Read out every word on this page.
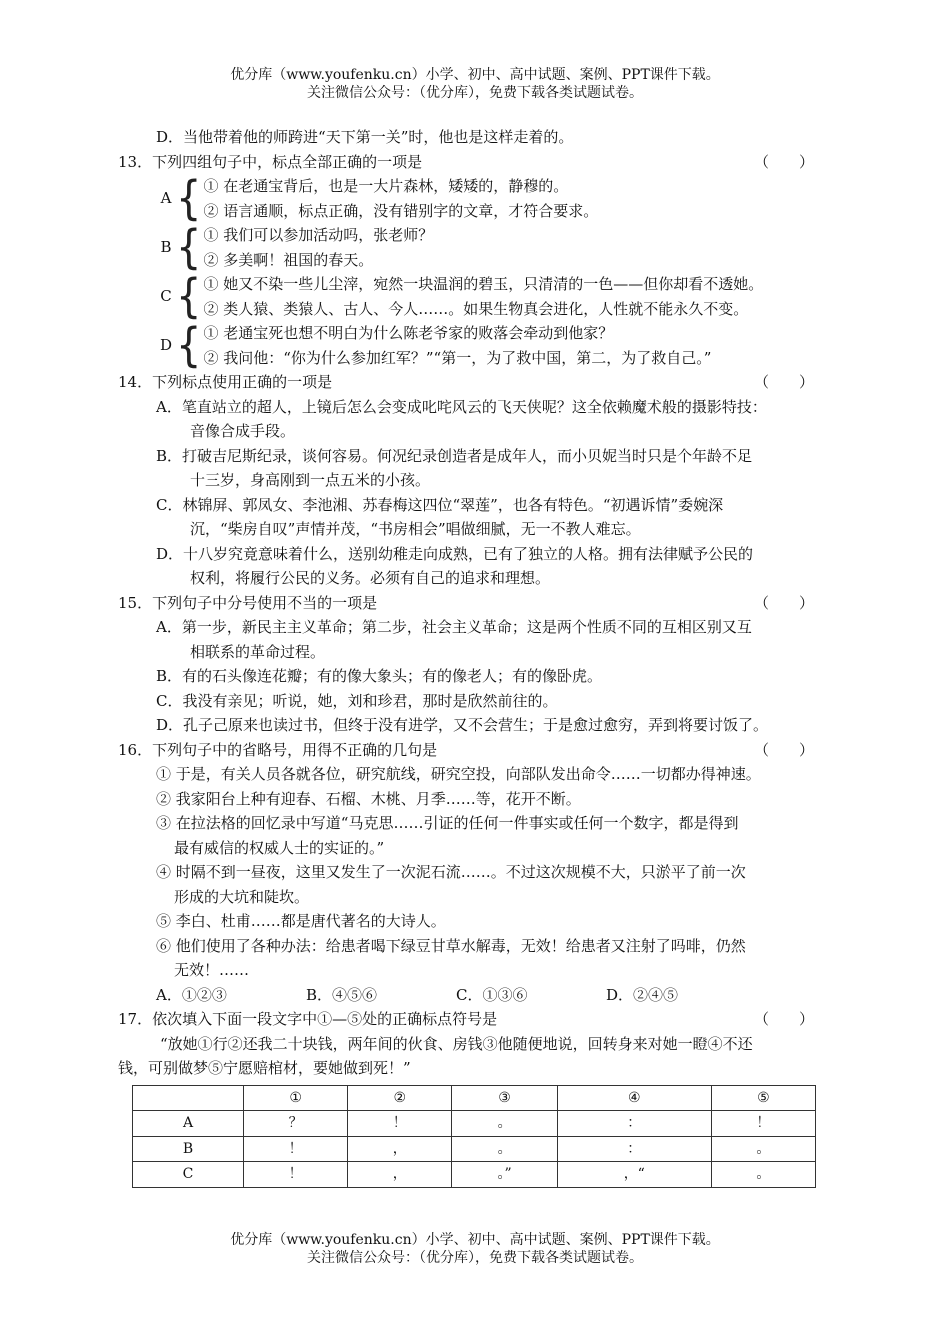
优分库（www.youfenku.cn）小学、初中、高中试题、案例、PPT课件下载。
关注微信公众号：（优分库），免费下载各类试题试卷。
D．当他带着他的师跨进“天下第一关”时，他也是这样走着的。
13．下列四组句子中，标点全部正确的一项是	（　　）
A { ① 在老通宝背后，也是一大片森林，矮矮的，静穆的。
② 语言通顺，标点正确，没有错别字的文章，才符合要求。
B { ① 我们可以参加活动吗，张老师？
② 多美啊！祖国的春天。
C { ① 她又不染一些儿尘滓，宛然一块温润的碧玉，只清清的一色——但你却看不透她。
② 类人猿、类猿人、古人、今人……。如果生物真会进化，人性就不能永久不变。
D { ① 老通宝死也想不明白为什么陈老爷家的败落会牵动到他家？
② 我问他：“你为什么参加红军？”“第一，为了救中国，第二，为了救自己。”
14．下列标点使用正确的一项是	（　　）
A．笔直站立的超人，上镜后怎么会变成叱咤风云的飞天侠呢？这全依赖魔术般的摄影特技：
音像合成手段。
B．打破吉尼斯纪录，谈何容易。何况纪录创造者是成年人，而小贝妮当时只是个年龄不足
十三岁，身高刚到一点五米的小孩。
C．林锦屏、郭凤女、李池湘、苏春梅这四位“翠莲”，也各有特色。“初遇诉情”委婉深
沉，“柴房自叹”声情并茂，“书房相会”唱做细腻，无一不教人难忘。
D．十八岁究竟意味着什么，送别幼稚走向成熟，已有了独立的人格。拥有法律赋予公民的
权利，将履行公民的义务。必须有自己的追求和理想。
15．下列句子中分号使用不当的一项是	（　　）
A．第一步，新民主主义革命；第二步，社会主义革命；这是两个性质不同的互相区别又互
相联系的革命过程。
B．有的石头像连花瓣；有的像大象头；有的像老人；有的像卧虎。
C．我没有亲见；听说，她，刘和珍君，那时是欣然前往的。
D．孔子己原来也读过书，但终于没有进学，又不会营生；于是愈过愈穷，弄到将要讨饭了。
16．下列句子中的省略号，用得不正确的几句是	（　　）
① 于是，有关人员各就各位，研究航线，研究空投，向部队发出命令……一切都办得神速。
② 我家阳台上种有迎春、石榴、木桃、月季……等，花开不断。
③ 在拉法格的回忆录中写道“马克思……引证的任何一件事实或任何一个数字，都是得到
最有威信的权威人士的实证的。”
④ 时隔不到一昼夜，这里又发生了一次泥石流……。不过这次规模不大，只淤平了前一次
形成的大坑和陡坎。
⑤ 李白、杜甫……都是唐代著名的大诗人。
⑥ 他们使用了各种办法：给患者喝下绿豆甘草水解毒，无效！给患者又注射了吗啡，仍然
无效！……
A．①②③	B．④⑤⑥	C．①③⑥	D．②④⑤
17．依次填入下面一段文字中①—⑤处的正确标点符号是	（　　）
“放她①行②还我二十块钱，两年间的伙食、房钱③他随便地说，回转身来对她一瞪④不还
钱，可别做梦⑤宁愿赔棺材，要她做到死！”
	①	②	③	④	⑤
A	？	！	。	：	！
B	！	，	。	：	。
C	！	，	。”	，“	。
优分库（www.youfenku.cn）小学、初中、高中试题、案例、PPT课件下载。
关注微信公众号：（优分库），免费下载各类试题试卷。
